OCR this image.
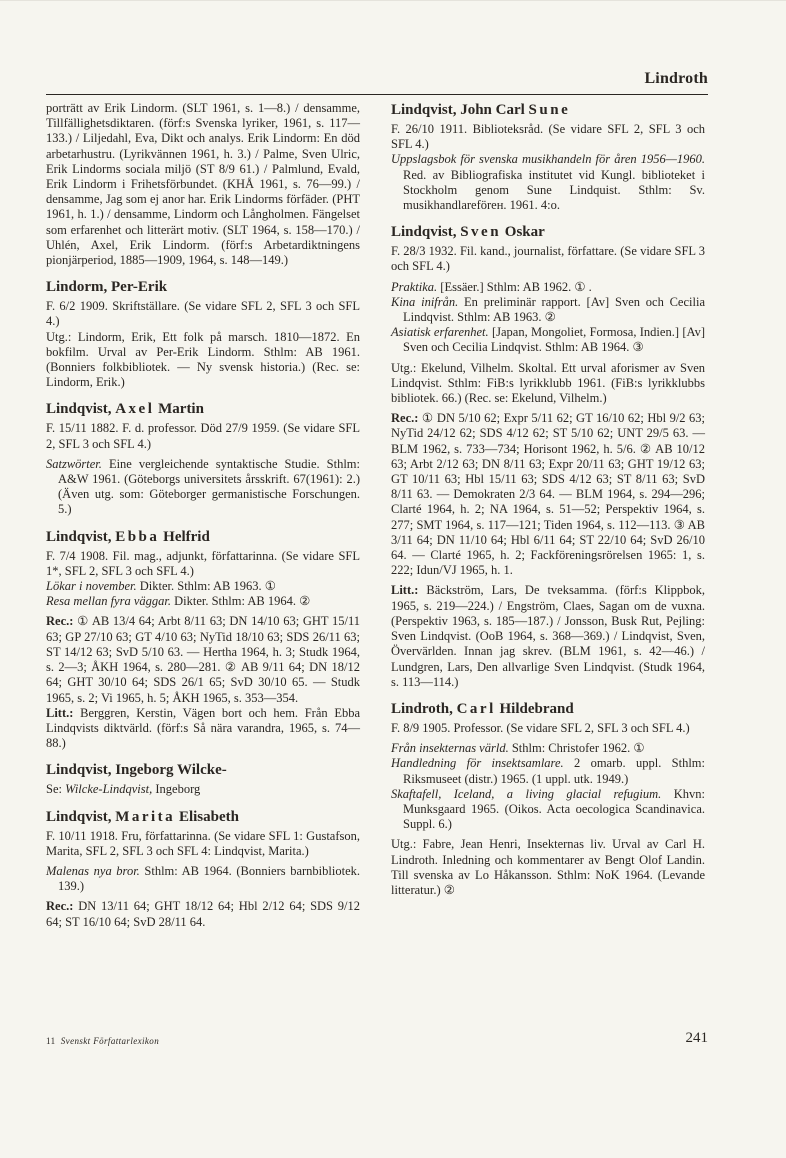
Lindroth

porträtt av Erik Lindorm. (SLT 1961, s. 1—8.) / densamme, Tillfällighetsdiktaren. (förf:s Svenska lyriker, 1961, s. 117—133.) / Liljedahl, Eva, Dikt och analys. Erik Lindorm: En död arbetarhustru. (Lyrikvännen 1961, h. 3.) / Palme, Sven Ulric, Erik Lindorms sociala miljö (ST 8/9 61.) / Palmlund, Evald, Erik Lindorm i Frihetsförbundet. (KHÅ 1961, s. 76—99.) / densamme, Jag som ej anor har. Erik Lindorms förfäder. (PHT 1961, h. 1.) / densamme, Lindorm och Långholmen. Fängelset som erfarenhet och litterärt motiv. (SLT 1964, s. 158—170.) / Uhlén, Axel, Erik Lindorm. (förf:s Arbetardiktningens pionjärperiod, 1885—1909, 1964, s. 148—149.)

Lindorm, Per-Erik

F. 6/2 1909. Skriftställare. (Se vidare SFL 2, SFL 3 och SFL 4.)

Utg.: Lindorm, Erik, Ett folk på marsch. 1810—1872. En bokfilm. Urval av Per-Erik Lindorm. Sthlm: AB 1961. (Bonniers folkbibliotek. — Ny svensk historia.) (Rec. se: Lindorm, Erik.)

Lindqvist, Axel Martin

F. 15/11 1882. F. d. professor. Död 27/9 1959. (Se vidare SFL 2, SFL 3 och SFL 4.)

Satzwörter. Eine vergleichende syntaktische Studie. Sthlm: A&W 1961. (Göteborgs universitets årsskrift. 67(1961): 2.) (Även utg. som: Göteborger germanistische Forschungen. 5.)

Lindqvist, Ebba Helfrid

F. 7/4 1908. Fil. mag., adjunkt, författarinna. (Se vidare SFL 1*, SFL 2, SFL 3 och SFL 4.)

Lökar i november. Dikter. Sthlm: AB 1963. ①

Resa mellan fyra väggar. Dikter. Sthlm: AB 1964. ②

Rec.: ① AB 13/4 64; Arbt 8/11 63; DN 14/10 63; GHT 15/11 63; GP 27/10 63; GT 4/10 63; NyTid 18/10 63; SDS 26/11 63; ST 14/12 63; SvD 5/10 63. — Hertha 1964, h. 3; Studk 1964, s. 2—3; ÅKH 1964, s. 280—281. ② AB 9/11 64; DN 18/12 64; GHT 30/10 64; SDS 26/1 65; SvD 30/10 65. — Studk 1965, s. 2; Vi 1965, h. 5; ÅKH 1965, s. 353—354.

Litt.: Berggren, Kerstin, Vägen bort och hem. Från Ebba Lindqvists diktvärld. (förf:s Så nära varandra, 1965, s. 74—88.)

Lindqvist, Ingeborg Wilcke-

Se: Wilcke-Lindqvist, Ingeborg

Lindqvist, Marita Elisabeth

F. 10/11 1918. Fru, författarinna. (Se vidare SFL 1: Gustafson, Marita, SFL 2, SFL 3 och SFL 4: Lindqvist, Marita.)

Malenas nya bror. Sthlm: AB 1964. (Bonniers barnbibliotek. 139.)

Rec.: DN 13/11 64; GHT 18/12 64; Hbl 2/12 64; SDS 9/12 64; ST 16/10 64; SvD 28/11 64.

Lindqvist, John Carl Sune

F. 26/10 1911. Biblioteksråd. (Se vidare SFL 2, SFL 3 och SFL 4.)

Uppslagsbok för svenska musikhandeln för åren 1956—1960. Red. av Bibliografiska institutet vid Kungl. biblioteket i Stockholm genom Sune Lindquist. Sthlm: Sv. musikhandlareförен. 1961. 4:o.

Lindqvist, Sven Oskar

F. 28/3 1932. Fil. kand., journalist, författare. (Se vidare SFL 3 och SFL 4.)

Praktika. [Essäer.] Sthlm: AB 1962. ① .

Kina inifrån. En preliminär rapport. [Av] Sven och Cecilia Lindqvist. Sthlm: AB 1963. ②

Asiatisk erfarenhet. [Japan, Mongoliet, Formosa, Indien.] [Av] Sven och Cecilia Lindqvist. Sthlm: AB 1964. ③

Utg.: Ekelund, Vilhelm. Skoltal. Ett urval aforismer av Sven Lindqvist. Sthlm: FiB:s lyrikklubb 1961. (FiB:s lyrikklubbs bibliotek. 66.) (Rec. se: Ekelund, Vilhelm.)

Rec.: ① DN 5/10 62; Expr 5/11 62; GT 16/10 62; Hbl 9/2 63; NyTid 24/12 62; SDS 4/12 62; ST 5/10 62; UNT 29/5 63. — BLM 1962, s. 733—734; Horisont 1962, h. 5/6. ② AB 10/12 63; Arbt 2/12 63; DN 8/11 63; Expr 20/11 63; GHT 19/12 63; GT 10/11 63; Hbl 15/11 63; SDS 4/12 63; ST 8/11 63; SvD 8/11 63. — Demokraten 2/3 64. — BLM 1964, s. 294—296; Clarté 1964, h. 2; NA 1964, s. 51—52; Perspektiv 1964, s. 277; SMT 1964, s. 117—121; Tiden 1964, s. 112—113. ③ AB 3/11 64; DN 11/10 64; Hbl 6/11 64; ST 22/10 64; SvD 26/10 64. — Clarté 1965, h. 2; Fackföreningsrörelsen 1965: 1, s. 222; Idun/VJ 1965, h. 1.

Litt.: Bäckström, Lars, De tveksamma. (förf:s Klippbok, 1965, s. 219—224.) / Engström, Claes, Sagan om de vuxna. (Perspektiv 1963, s. 185—187.) / Jonsson, Busk Rut, Pejling: Sven Lindqvist. (OoB 1964, s. 368—369.) / Lindqvist, Sven, Övervärlden. Innan jag skrev. (BLM 1961, s. 42—46.) / Lundgren, Lars, Den allvarlige Sven Lindqvist. (Studk 1964, s. 113—114.)

Lindroth, Carl Hildebrand

F. 8/9 1905. Professor. (Se vidare SFL 2, SFL 3 och SFL 4.)

Från insekternas värld. Sthlm: Christofer 1962. ①

Handledning för insektsamlare. 2 omarb. uppl. Sthlm: Riksmuseet (distr.) 1965. (1 uppl. utk. 1949.)

Skaftafell, Iceland, a living glacial refugium. Khvn: Munksgaard 1965. (Oikos. Acta oecologica Scandinavica. Suppl. 6.)

Utg.: Fabre, Jean Henri, Insekternas liv. Urval av Carl H. Lindroth. Inledning och kommentarer av Bengt Olof Landin. Till svenska av Lo Håkansson. Sthlm: NoK 1964. (Levande litteratur.) ②

11 Svenskt Författarlexikon	241
